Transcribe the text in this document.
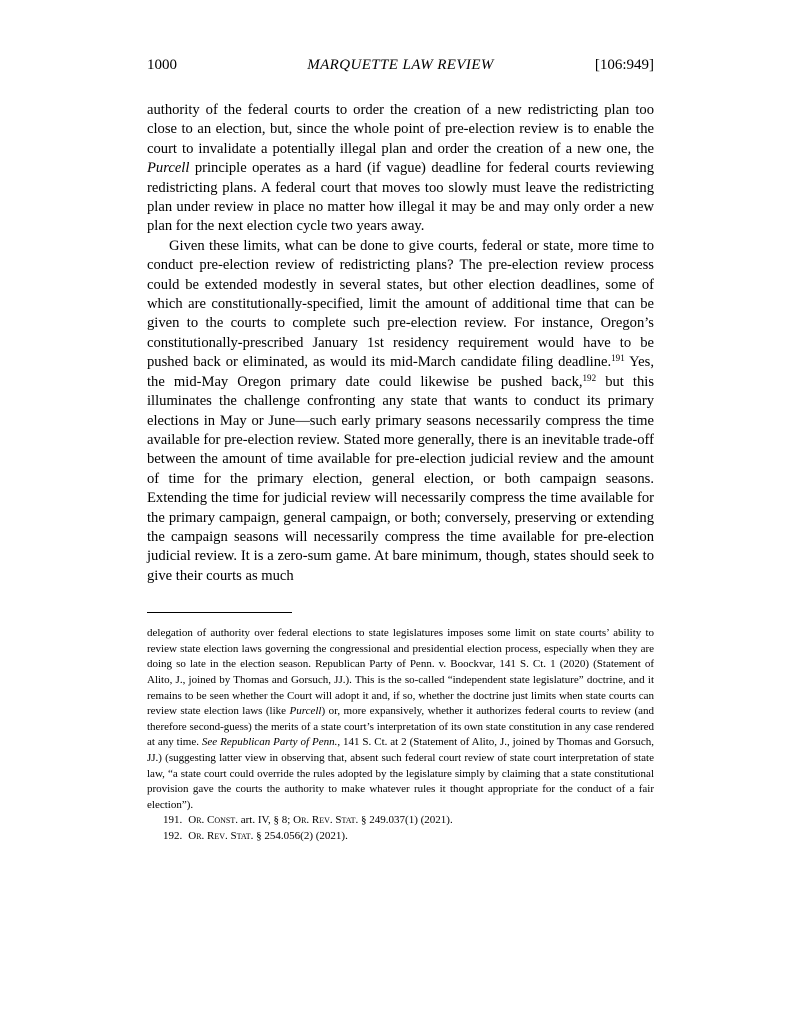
1000	MARQUETTE LAW REVIEW	[106:949]

authority of the federal courts to order the creation of a new redistricting plan too close to an election, but, since the whole point of pre-election review is to enable the court to invalidate a potentially illegal plan and order the creation of a new one, the Purcell principle operates as a hard (if vague) deadline for federal courts reviewing redistricting plans. A federal court that moves too slowly must leave the redistricting plan under review in place no matter how illegal it may be and may only order a new plan for the next election cycle two years away.

Given these limits, what can be done to give courts, federal or state, more time to conduct pre-election review of redistricting plans? The pre-election review process could be extended modestly in several states, but other election deadlines, some of which are constitutionally-specified, limit the amount of additional time that can be given to the courts to complete such pre-election review. For instance, Oregon’s constitutionally-prescribed January 1st residency requirement would have to be pushed back or eliminated, as would its mid-March candidate filing deadline.$^{191}$ Yes, the mid-May Oregon primary date could likewise be pushed back,$^{192}$ but this illuminates the challenge confronting any state that wants to conduct its primary elections in May or June—such early primary seasons necessarily compress the time available for pre-election review. Stated more generally, there is an inevitable trade-off between the amount of time available for pre-election judicial review and the amount of time for the primary election, general election, or both campaign seasons. Extending the time for judicial review will necessarily compress the time available for the primary campaign, general campaign, or both; conversely, preserving or extending the campaign seasons will necessarily compress the time available for pre-election judicial review. It is a zero-sum game. At bare minimum, though, states should seek to give their courts as much

delegation of authority over federal elections to state legislatures imposes some limit on state courts’ ability to review state election laws governing the congressional and presidential election process, especially when they are doing so late in the election season. Republican Party of Penn. v. Boockvar, 141 S. Ct. 1 (2020) (Statement of Alito, J., joined by Thomas and Gorsuch, JJ.). This is the so-called “independent state legislature” doctrine, and it remains to be seen whether the Court will adopt it and, if so, whether the doctrine just limits when state courts can review state election laws (like Purcell) or, more expansively, whether it authorizes federal courts to review (and therefore second-guess) the merits of a state court’s interpretation of its own state constitution in any case rendered at any time. See Republican Party of Penn., 141 S. Ct. at 2 (Statement of Alito, J., joined by Thomas and Gorsuch, JJ.) (suggesting latter view in observing that, absent such federal court review of state court interpretation of state law, “a state court could override the rules adopted by the legislature simply by claiming that a state constitutional provision gave the courts the authority to make whatever rules it thought appropriate for the conduct of a fair election”).

191. Or. Const. art. IV, § 8; Or. Rev. Stat. § 249.037(1) (2021).

192. Or. Rev. Stat. § 254.056(2) (2021).
